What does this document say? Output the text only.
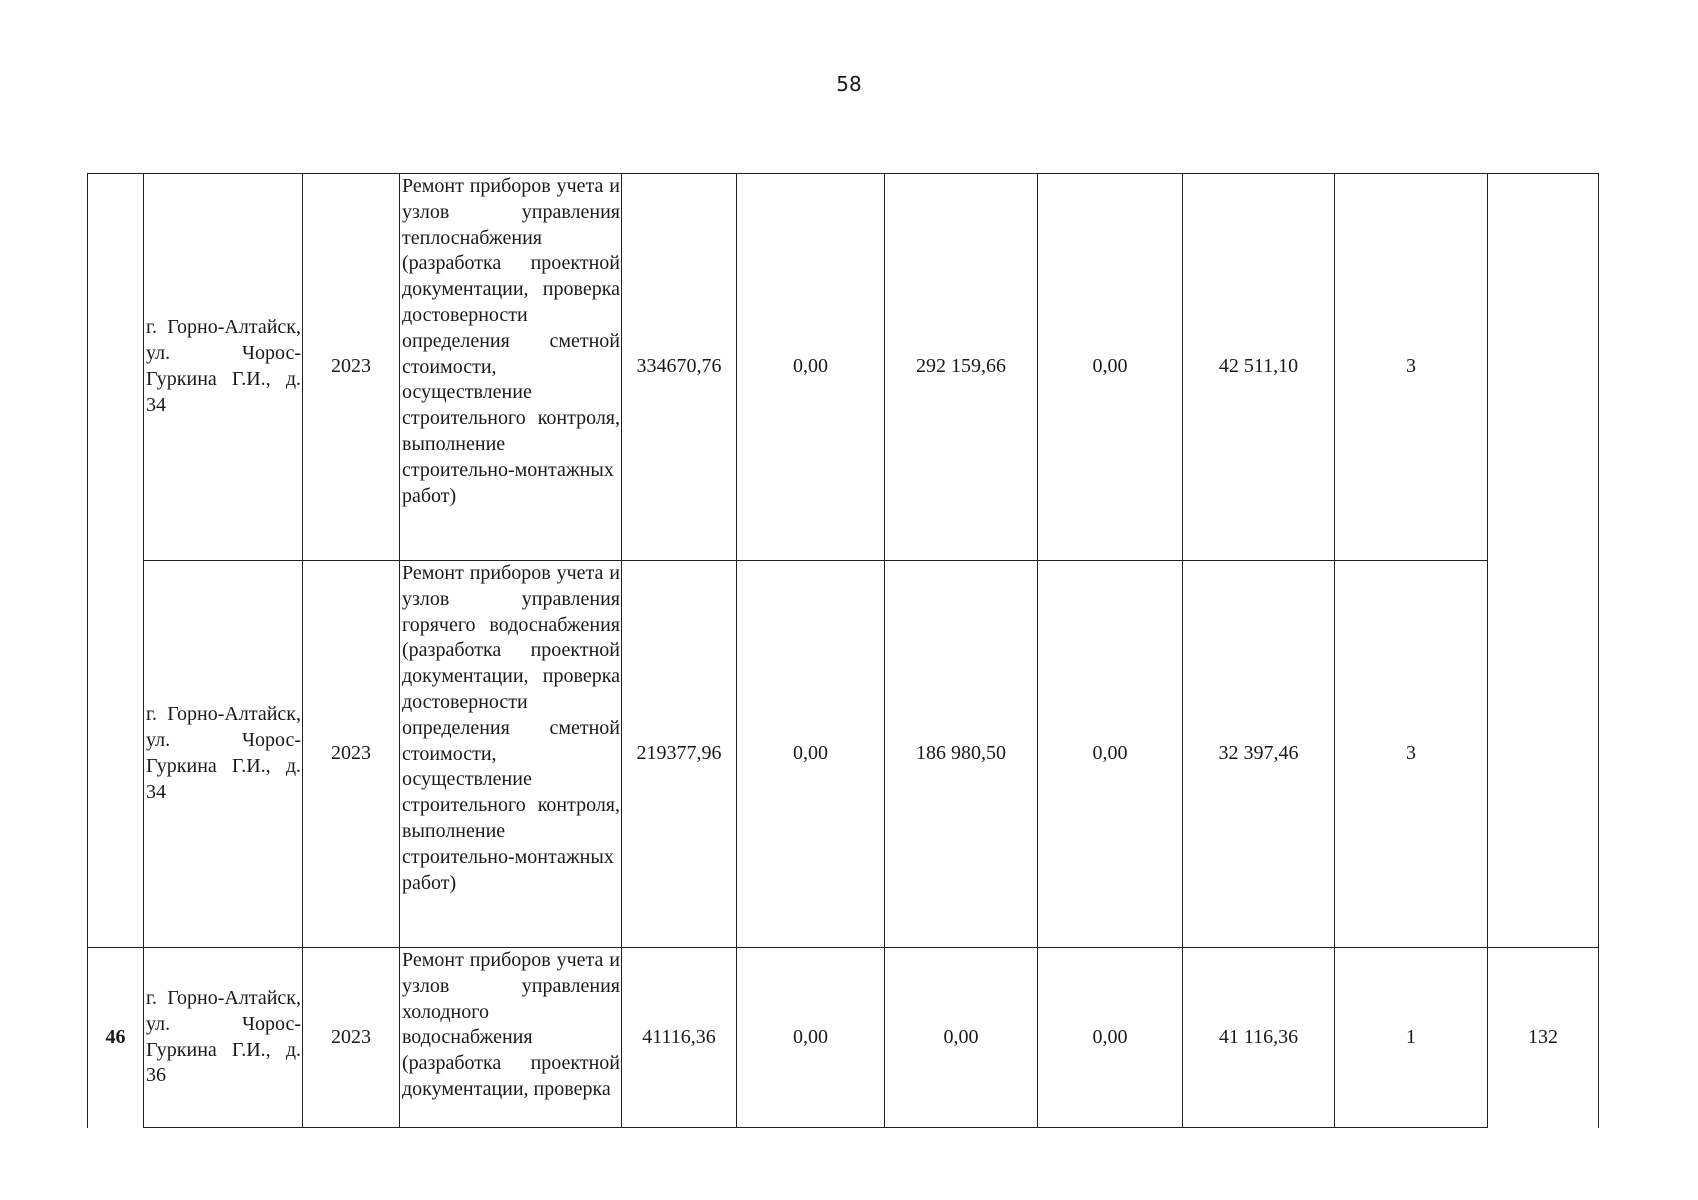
58
	г. Горно-Алтайск, ул. Чорос-Гуркина Г.И., д. 34	2023	Ремонт приборов учета и узлов управления теплоснабжения (разработка проектной документации, проверка достоверности определения сметной стоимости, осуществление строительного контроля, выполнение строительно-монтажных работ)	334670,76	0,00	292 159,66	0,00	42 511,10	3	
	г. Горно-Алтайск, ул. Чорос-Гуркина Г.И., д. 34	2023	Ремонт приборов учета и узлов управления горячего водоснабжения (разработка проектной документации, проверка достоверности определения сметной стоимости, осуществление строительного контроля, выполнение строительно-монтажных работ)	219377,96	0,00	186 980,50	0,00	32 397,46	3	
46	г. Горно-Алтайск, ул. Чорос-Гуркина Г.И., д. 36	2023	Ремонт приборов учета и узлов управления холодного водоснабжения (разработка проектной документации, проверка	41116,36	0,00	0,00	0,00	41 116,36	1	132
